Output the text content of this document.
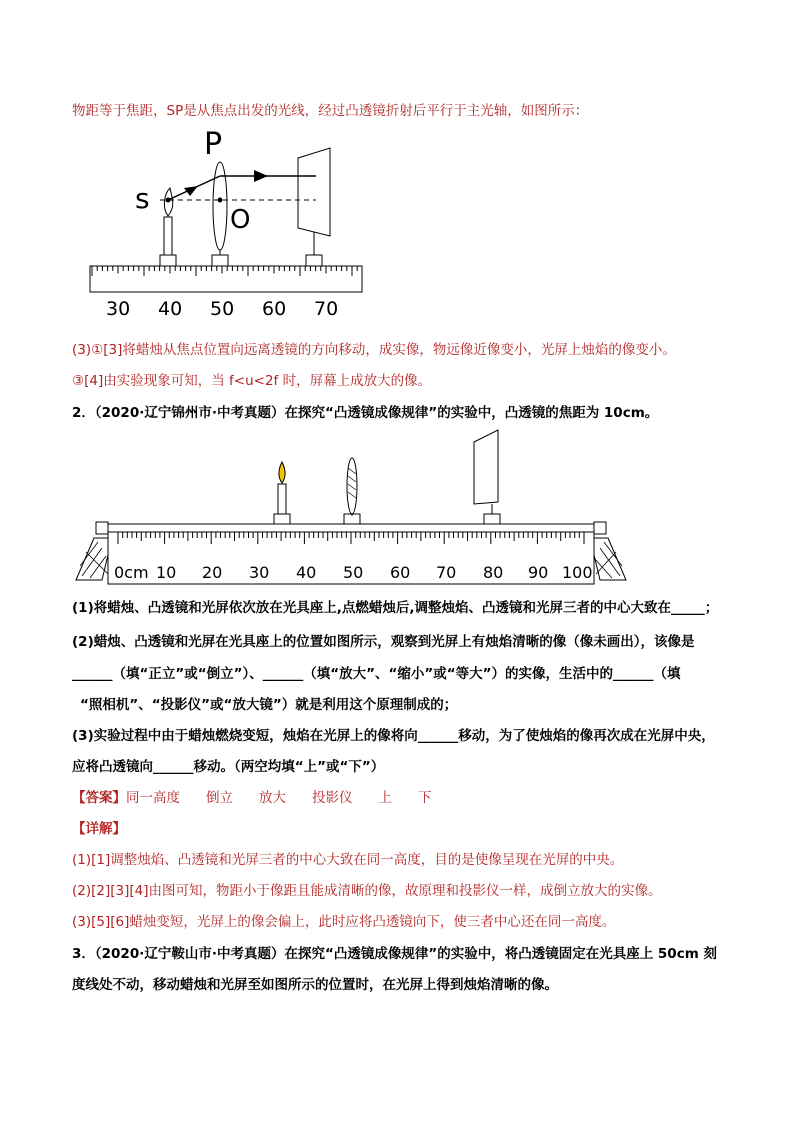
物距等于焦距，SP是从焦点出发的光线，经过凸透镜折射后平行于主光轴，如图所示：
P
s
O
30 40 50 60 70
(3)①[3]将蜡烛从焦点位置向远离透镜的方向移动，成实像，物远像近像变小，光屏上烛焰的像变小。
③[4]由实验现象可知，当 f<u<2f 时，屏幕上成放大的像。
2．（2020·辽宁锦州市·中考真题）在探究“凸透镜成像规律”的实验中，凸透镜的焦距为 10cm。
0cm 10 20 30 40 50 60 70 80 90 100
(1)将蜡烛、凸透镜和光屏依次放在光具座上,点燃蜡烛后,调整烛焰、凸透镜和光屏三者的中心大致在_____；
(2)蜡烛、凸透镜和光屏在光具座上的位置如图所示，观察到光屏上有烛焰清晰的像（像未画出），该像是
______（填“正立”或“倒立”）、______（填“放大”、“缩小”或“等大”）的实像，生活中的______（填
“照相机”、“投影仪”或“放大镜”）就是利用这个原理制成的；
(3)实验过程中由于蜡烛燃烧变短，烛焰在光屏上的像将向______移动，为了使烛焰的像再次成在光屏中央，
应将凸透镜向______移动。（两空均填“上”或“下”）
【答案】同一高度 倒立 放大 投影仪 上 下
【详解】
(1)[1]调整烛焰、凸透镜和光屏三者的中心大致在同一高度，目的是使像呈现在光屏的中央。
(2)[2][3][4]由图可知，物距小于像距且能成清晰的像，故原理和投影仪一样，成倒立放大的实像。
(3)[5][6]蜡烛变短，光屏上的像会偏上，此时应将凸透镜向下，使三者中心还在同一高度。
3．（2020·辽宁鞍山市·中考真题）在探究“凸透镜成像规律”的实验中，将凸透镜固定在光具座上 50cm 刻
度线处不动，移动蜡烛和光屏至如图所示的位置时，在光屏上得到烛焰清晰的像。
